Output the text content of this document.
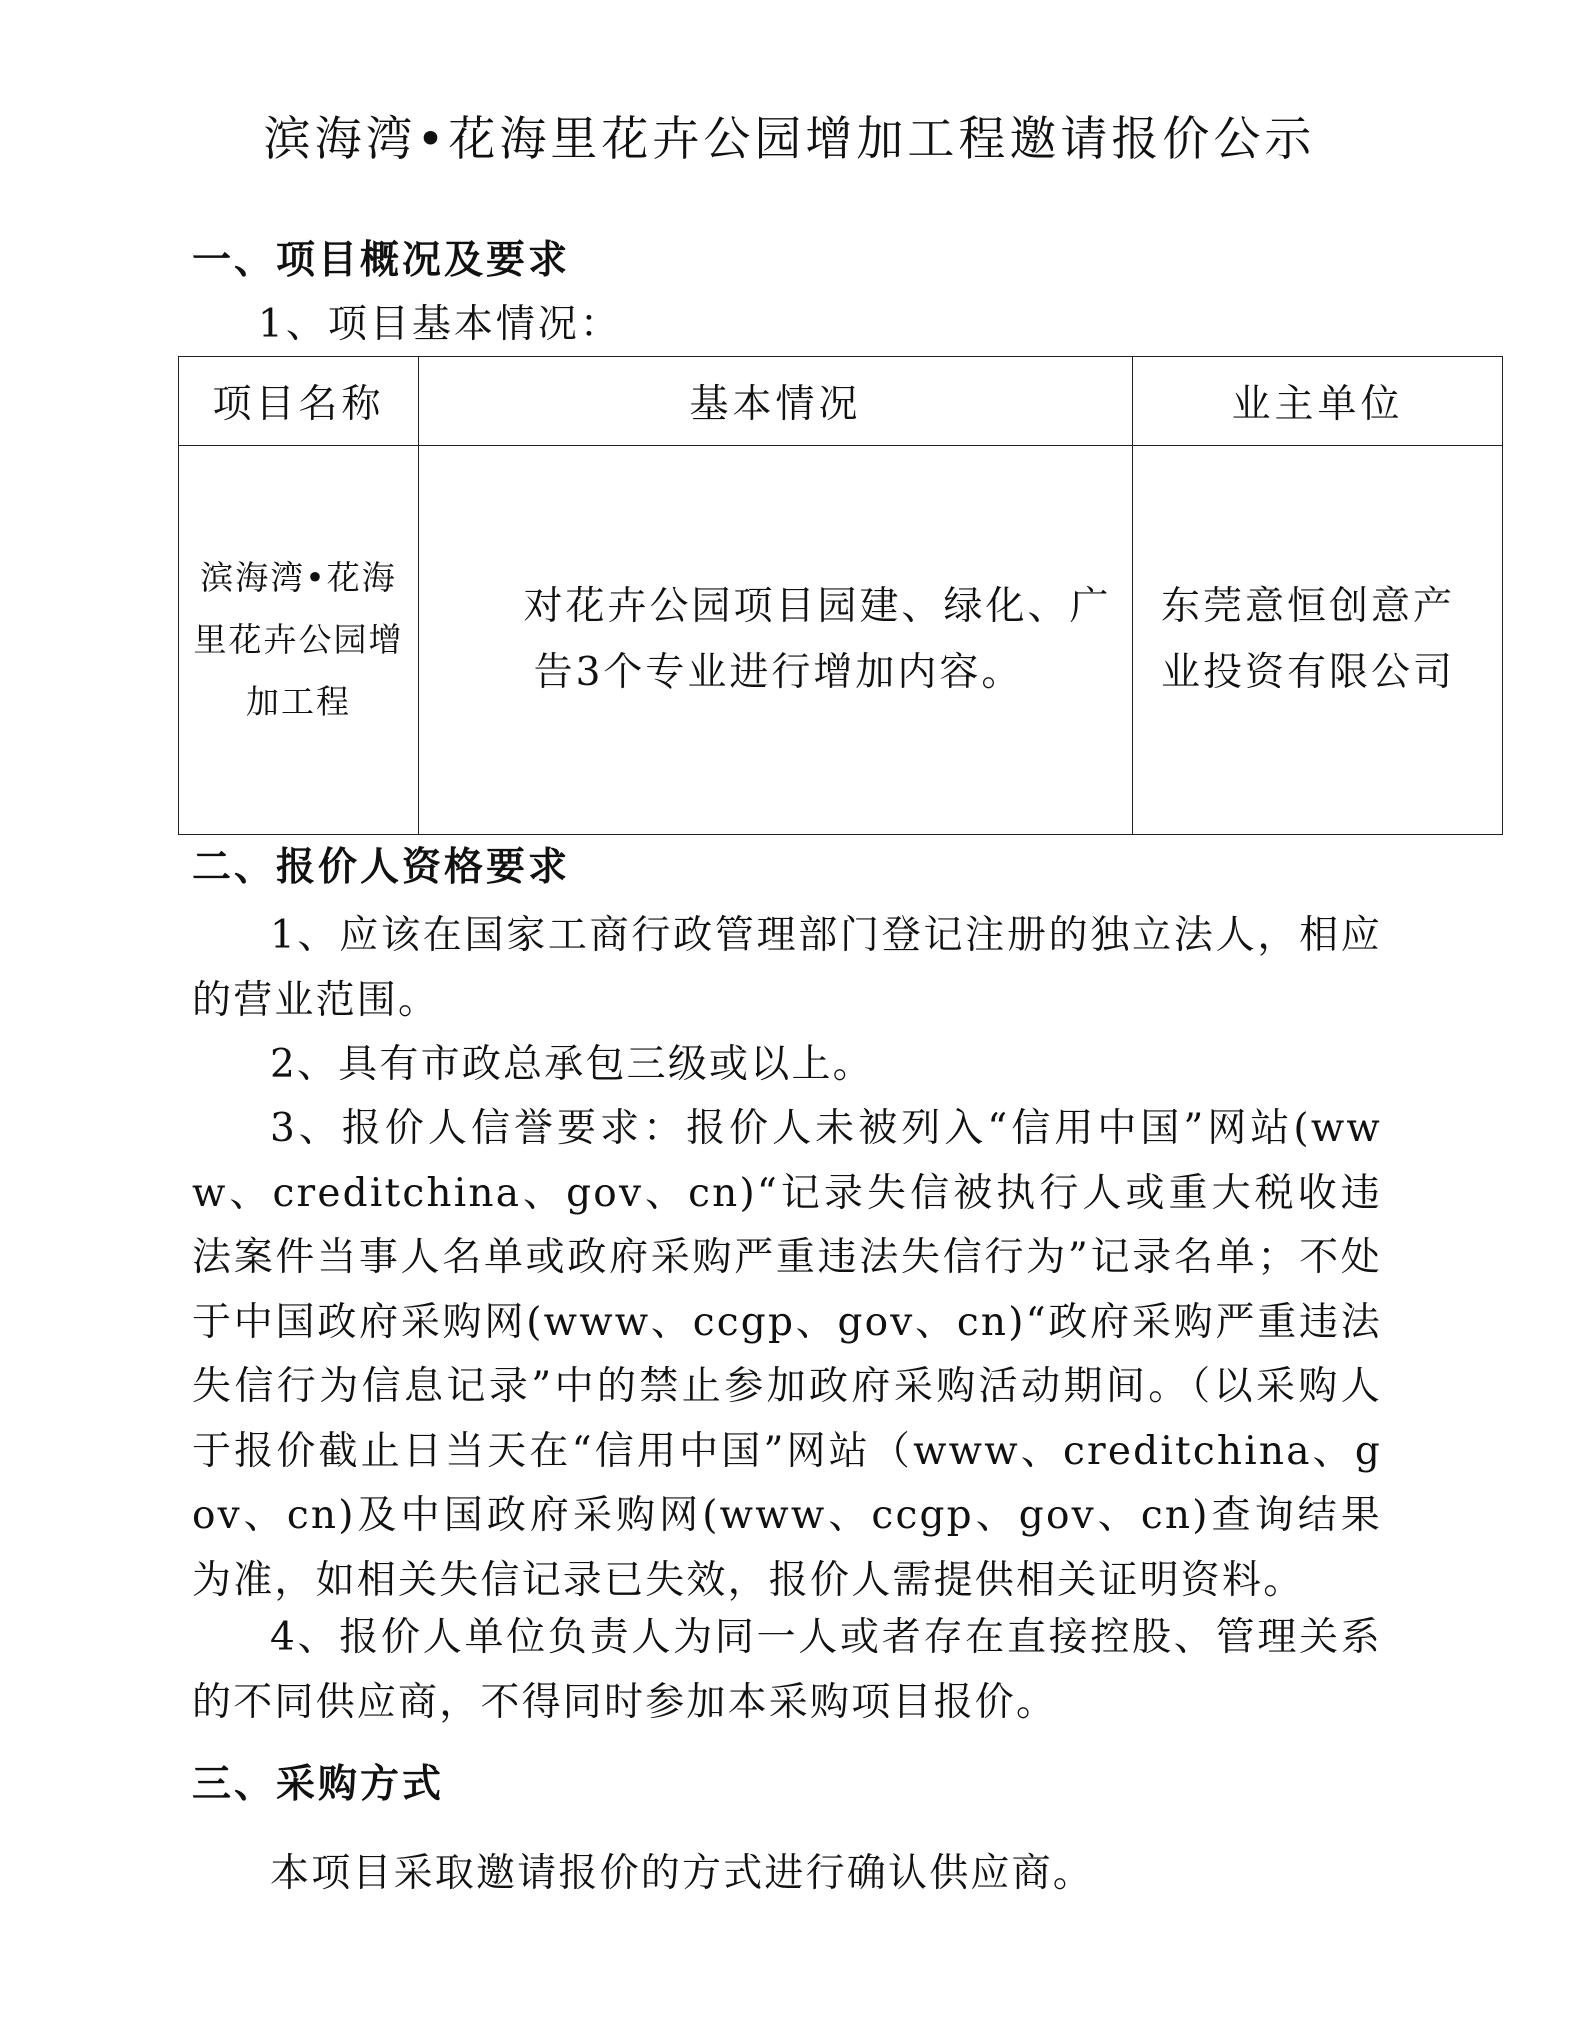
滨海湾•花海里花卉公园增加工程邀请报价公示
一、项目概况及要求
1、项目基本情况：
项目名称	基本情况	业主单位
滨海湾•花海里花卉公园增加工程	对花卉公园项目园建、绿化、广告3个专业进行增加内容。	东莞意恒创意产业投资有限公司
二、报价人资格要求
1、应该在国家工商行政管理部门登记注册的独立法人，相应的营业范围。
2、具有市政总承包三级或以上。
3、报价人信誉要求：报价人未被列入“信用中国”网站(www、creditchina、gov、cn)“记录失信被执行人或重大税收违法案件当事人名单或政府采购严重违法失信行为”记录名单；不处于中国政府采购网(www、ccgp、gov、cn)“政府采购严重违法失信行为信息记录”中的禁止参加政府采购活动期间。（以采购人于报价截止日当天在“信用中国”网站（www、creditchina、gov、cn)及中国政府采购网(www、ccgp、gov、cn)查询结果为准，如相关失信记录已失效，报价人需提供相关证明资料。
4、报价人单位负责人为同一人或者存在直接控股、管理关系的不同供应商，不得同时参加本采购项目报价。
三、采购方式
本项目采取邀请报价的方式进行确认供应商。
